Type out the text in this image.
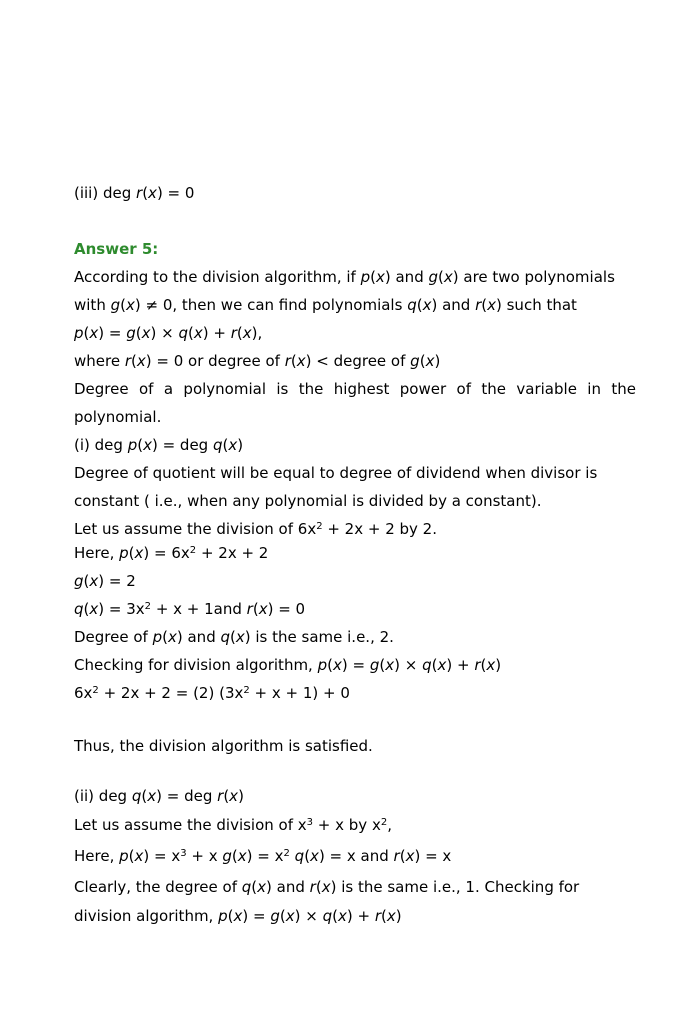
(iii) deg r(x) = 0
Answer 5:
According to the division algorithm, if p(x) and g(x) are two polynomials
with g(x) ≠ 0, then we can find polynomials q(x) and r(x) such that
p(x) = g(x) × q(x) + r(x),
where r(x) = 0 or degree of r(x) < degree of g(x)
Degree of a polynomial is the highest power of the variable in the
polynomial.
(i) deg p(x) = deg q(x)
Degree of quotient will be equal to degree of dividend when divisor is
constant ( i.e., when any polynomial is divided by a constant).
Let us assume the division of $6x^2 + 2x + 2$ by 2.
Here, $p(x) = 6x^2 + 2x + 2$
g(x) = 2
$q(x) = 3x^2 + x + 1and$ r(x) = 0
Degree of p(x) and q(x) is the same i.e., 2.
Checking for division algorithm, p(x) = g(x) × q(x) + r(x)
$6x^2 + 2x + 2 = (2) (3x^2 + x + 1) + 0$
Thus, the division algorithm is satisfied.
(ii) deg q(x) = deg r(x)
Let us assume the division of $x^3 + x$ by $x^2$,
Here, $p(x) = x^3 + x$ $g(x) = x^2$ q(x) = x and r(x) = x
Clearly, the degree of q(x) and r(x) is the same i.e., 1. Checking for
division algorithm, p(x) = g(x) × q(x) + r(x)
